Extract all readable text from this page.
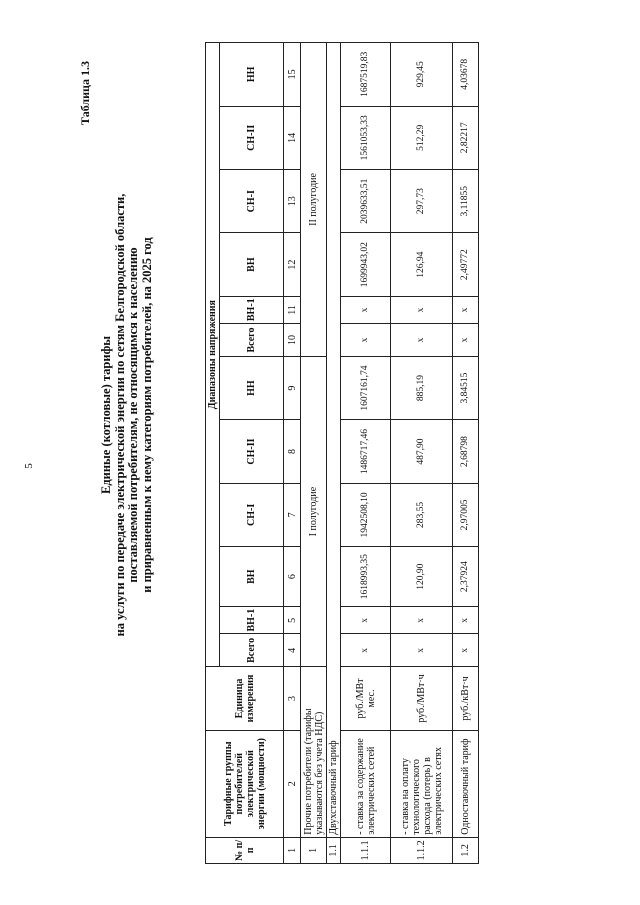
5
Таблица 1.3
Единые (котловые) тарифы на услуги по передаче электрической энергии по сетям Белгородской области, поставляемой потребителям, не относящимся к населению и приравненным к нему категориям потребителей, на 2025 год
№ п/п	Тарифные группы потребителей электрической энергии (мощности)	Единица измерения	Диапазоны напряжения											
			Всего	ВН-1	ВН	СН-I	СН-II	НН	Всего	ВН-1	ВН	СН-I	СН-II	НН
1	2	3	4	5	6	7	8	9	10	11	12	13	14	15
1	Прочие потребители (тарифы указываются без учета НДС)		I полугодие						II полугодие					
1.1	Двухставочный тариф													
1.1.1	- ставка за содержание электрических сетей	руб./МВт мес.	х	х	1618993,35	1942508,10	1486717,46	1607161,74	х	х	1699943,02	2039633,51	1561053,33	1687519,83
1.1.2	- ставка на оплату технологического расхода (потерь) в электрических сетях	руб./МВт·ч	х	х	120,90	283,55	487,90	885,19	х	х	126,94	297,73	512,29	929,45
1.2	Одноставочный тариф	руб./кВт·ч	х	х	2,37924	2,97005	2,68798	3,84515	х	х	2,49772	3,11855	2,82217	4,03678
